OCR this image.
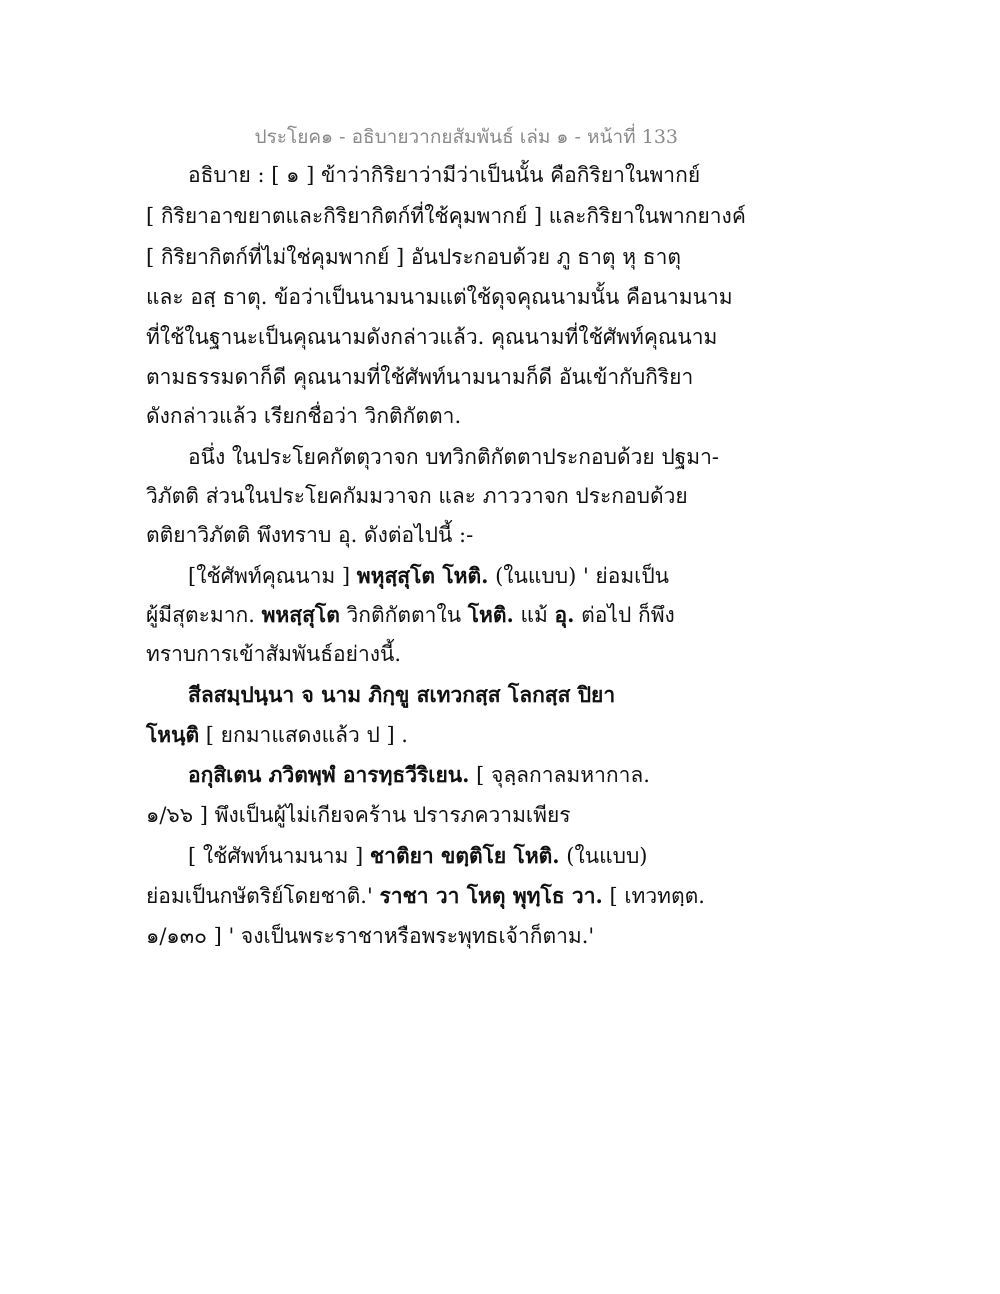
ประโยค๑ - อธิบายวากยสัมพันธ์ เล่ม ๑ - หน้าที่ 133
อธิบาย : [ ๑ ] ข้าว่ากิริยาว่ามีว่าเป็นนั้น คือกิริยาในพากย์
[ กิริยาอาขยาตและกิริยากิตก์ที่ใช้คุมพากย์ ] และกิริยาในพากยางค์
[ กิริยากิตก์ที่ไม่ใช่คุมพากย์ ] อันประกอบด้วย ภู ธาตุ หุ ธาตุ
และ อสฺ ธาตุ. ข้อว่าเป็นนามนามแต่ใช้ดุจคุณนามนั้น คือนามนาม
ที่ใช้ในฐานะเป็นคุณนามดังกล่าวแล้ว. คุณนามที่ใช้ศัพท์คุณนาม
ตามธรรมดาก็ดี คุณนามที่ใช้ศัพท์นามนามก็ดี อันเข้ากับกิริยา
ดังกล่าวแล้ว เรียกชื่อว่า วิกติกัตตา.
อนึ่ง ในประโยคกัตตุวาจก บทวิกติกัตตาประกอบด้วย ปฐมา-
วิภัตติ ส่วนในประโยคกัมมวาจก และ ภาววาจก ประกอบด้วย
ตติยาวิภัตติ พึงทราบ อุ. ดังต่อไปนี้ :-
[ใช้ศัพท์คุณนาม ] พหุสฺสุโต โหติ. (ในแบบ) ' ย่อมเป็น
ผู้มีสุตะมาก. พหสฺสุโต วิกติกัตตาใน โหติ. แม้ อุ. ต่อไป ก็พึง
ทราบการเข้าสัมพันธ์อย่างนี้.
สีลสมฺปนฺนา จ นาม ภิกฺขู สเทวกสฺส โลกสฺส ปิยา
โหนฺติ [ ยกมาแสดงแล้ว ป ] .
อกุสิเตน ภวิตพฺพํ อารทฺธวีริเยน. [ จุลฺลกาลมหากาล.
๑/๖๖ ] พึงเป็นผู้ไม่เกียจคร้าน ปรารภความเพียร
[ ใช้ศัพท์นามนาม ] ชาติยา ขตฺติโย โหติ. (ในแบบ)
ย่อมเป็นกษัตริย์โดยชาติ.' ราชา วา โหตุ พุทฺโธ วา. [ เทวทตฺต.
๑/๑๓๐ ] ' จงเป็นพระราชาหรือพระพุทธเจ้าก็ตาม.'
